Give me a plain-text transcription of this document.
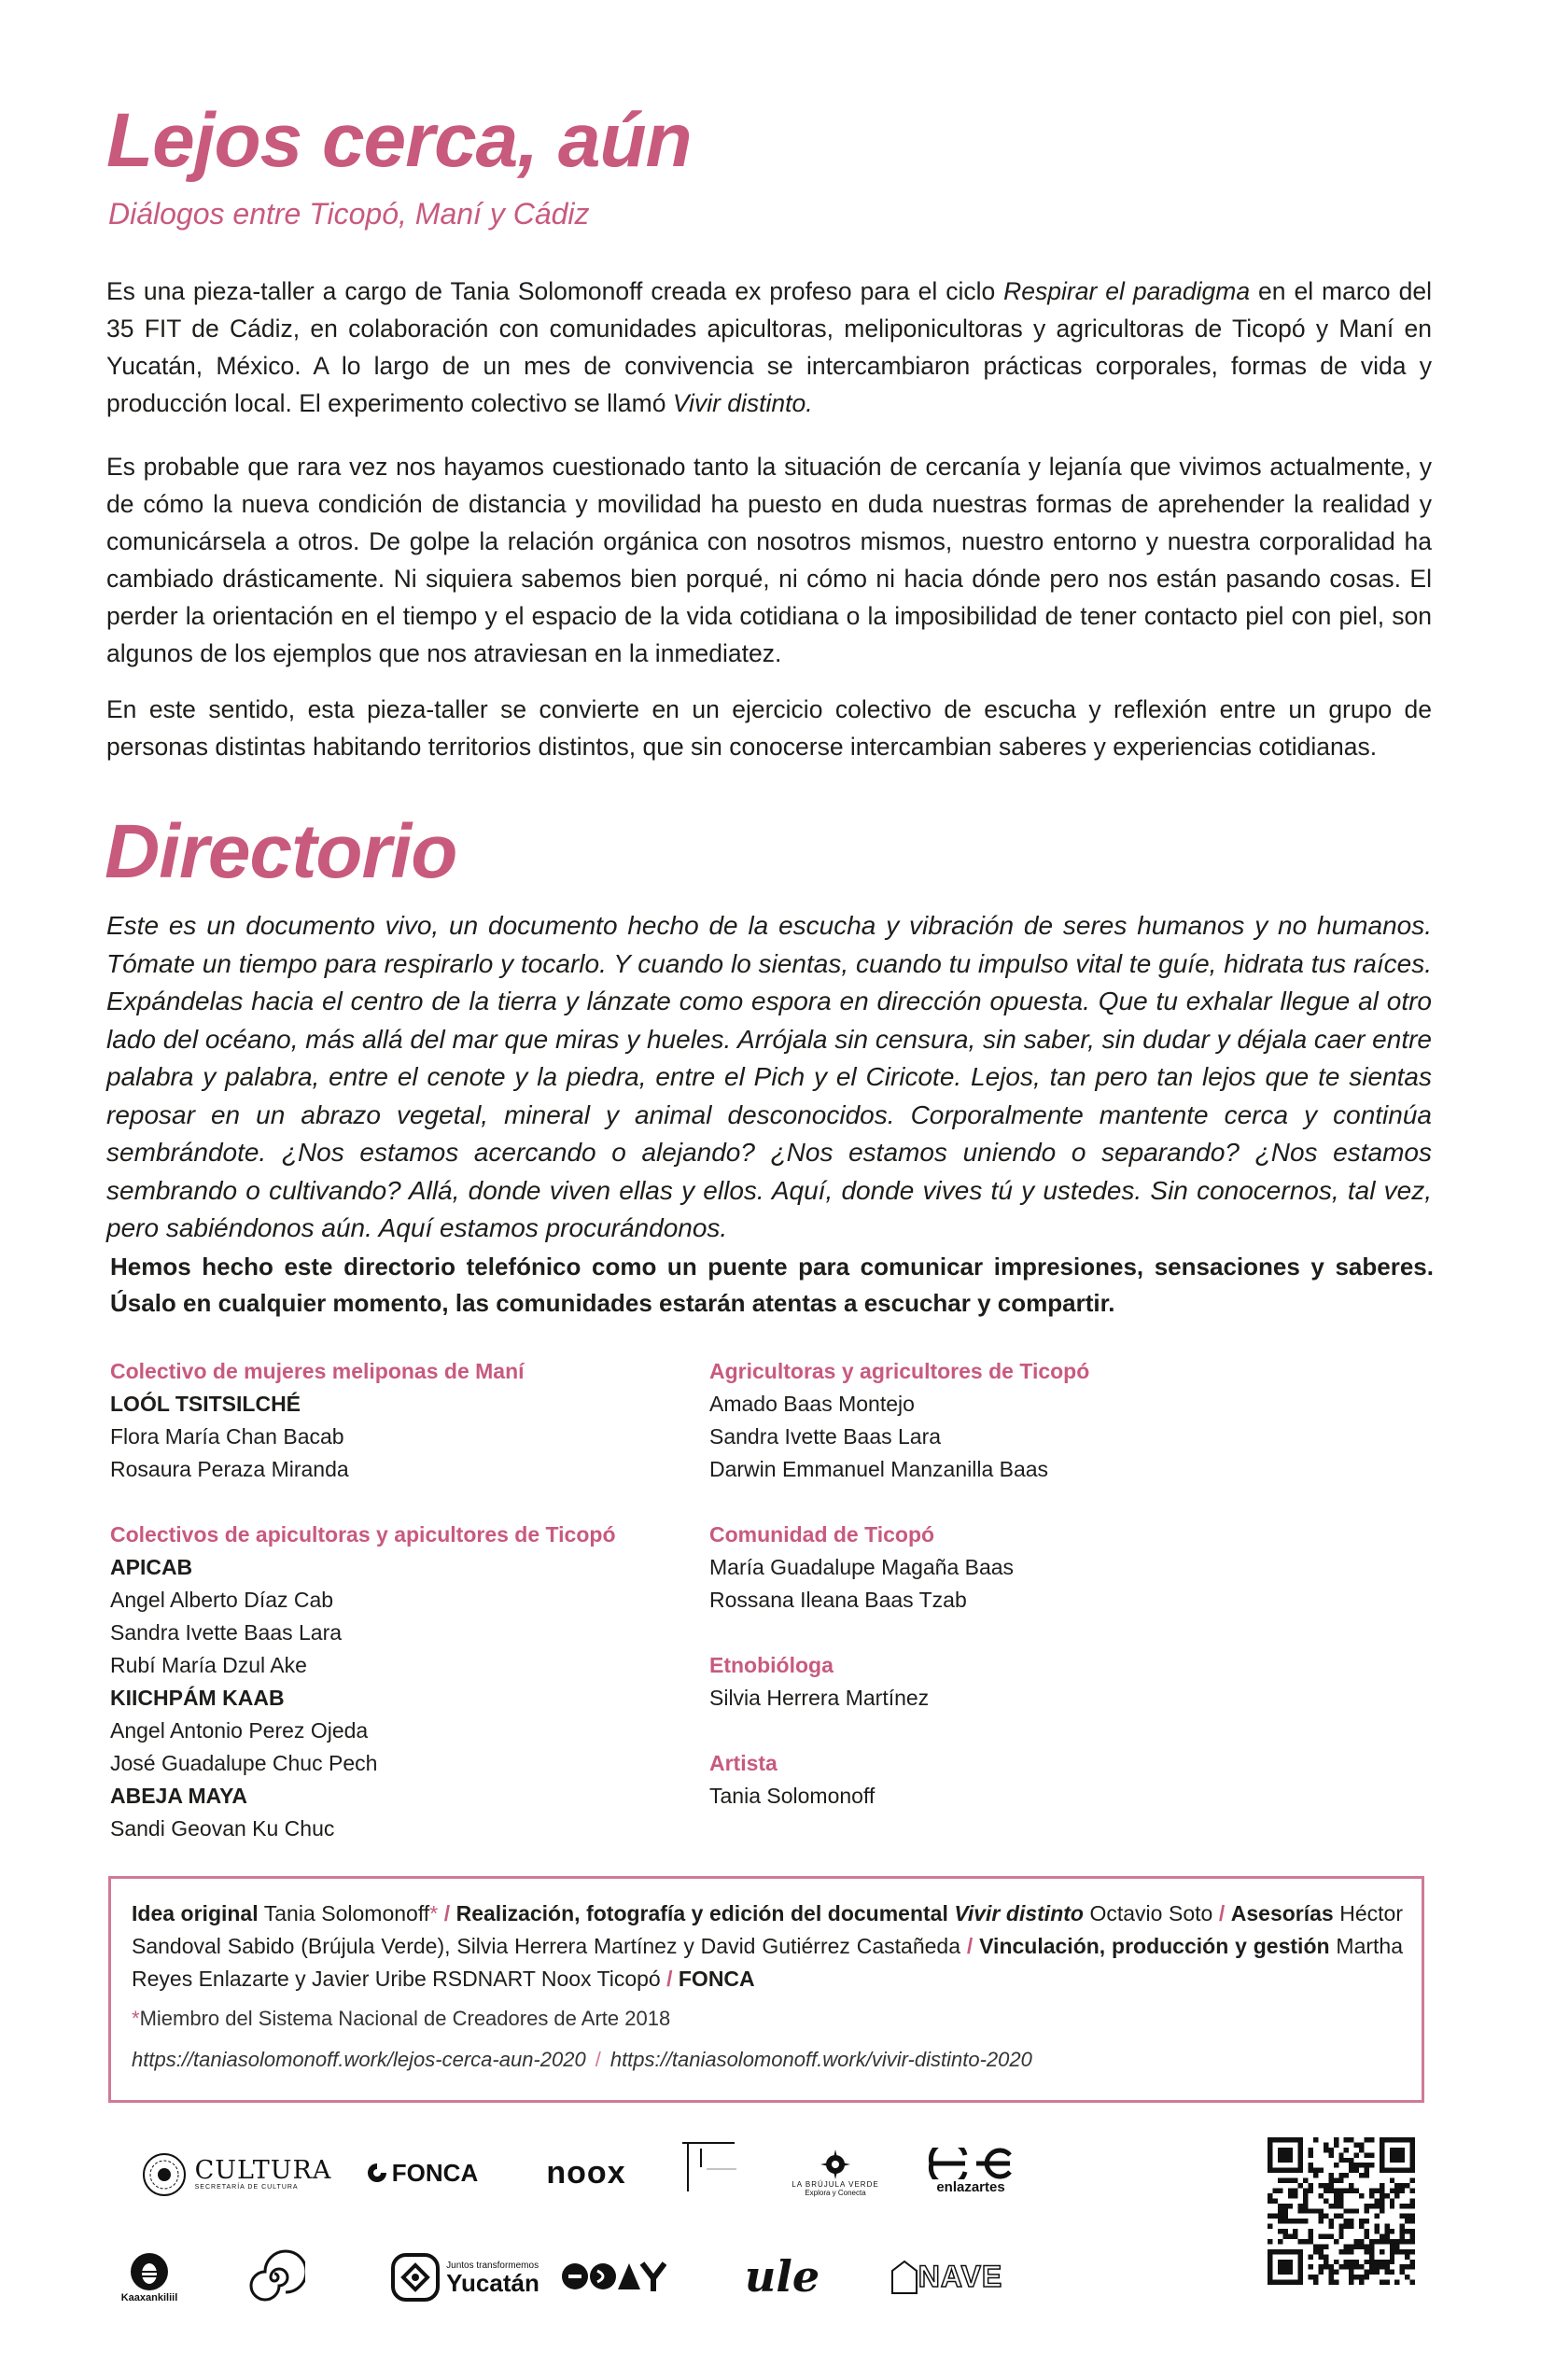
Lejos cerca, aún

Diálogos entre Ticopó, Maní y Cádiz

Es una pieza-taller a cargo de Tania Solomonoff creada ex profeso para el ciclo Respirar el paradigma en el marco del 35 FIT de Cádiz, en colaboración con comunidades apicultoras, meliponicultoras y agricultoras de Ticopó y Maní en Yucatán, México. A lo largo de un mes de convivencia se intercambiaron prácticas corporales, formas de vida y producción local. El experimento colectivo se llamó Vivir distinto.

Es probable que rara vez nos hayamos cuestionado tanto la situación de cercanía y lejanía que vivimos actualmente, y de cómo la nueva condición de distancia y movilidad ha puesto en duda nuestras formas de aprehender la realidad y comunicársela a otros. De golpe la relación orgánica con nosotros mismos, nuestro entorno y nuestra corporalidad ha cambiado drásticamente. Ni siquiera sabemos bien porqué, ni cómo ni hacia dónde pero nos están pasando cosas. El perder la orientación en el tiempo y el espacio de la vida cotidiana o la imposibilidad de tener contacto piel con piel, son algunos de los ejemplos que nos atraviesan en la inmediatez.

En este sentido, esta pieza-taller se convierte en un ejercicio colectivo de escucha y reflexión entre un grupo de personas distintas habitando territorios distintos, que sin conocerse intercambian saberes y experiencias cotidianas.

Directorio

Este es un documento vivo, un documento hecho de la escucha y vibración de seres humanos y no humanos. Tómate un tiempo para respirarlo y tocarlo. Y cuando lo sientas, cuando tu impulso vital te guíe, hidrata tus raíces. Expándelas hacia el centro de la tierra y lánzate como espora en dirección opuesta. Que tu exhalar llegue al otro lado del océano, más allá del mar que miras y hueles. Arrójala sin censura, sin saber, sin dudar y déjala caer entre palabra y palabra, entre el cenote y la piedra, entre el Pich y el Ciricote. Lejos, tan pero tan lejos que te sientas reposar en un abrazo vegetal, mineral y animal desconocidos. Corporalmente mantente cerca y continúa sembrándote. ¿Nos estamos acercando o alejando? ¿Nos estamos uniendo o separando? ¿Nos estamos sembrando o cultivando? Allá, donde viven ellas y ellos. Aquí, donde vives tú y ustedes. Sin conocernos, tal vez, pero sabiéndonos aún. Aquí estamos procurándonos.

Hemos hecho este directorio telefónico como un puente para comunicar impresiones, sensaciones y saberes. Úsalo en cualquier momento, las comunidades estarán atentas a escuchar y compartir.

Colectivo de mujeres meliponas de Maní
LOÓL TSITSILCHÉ
Flora María Chan Bacab
Rosaura Peraza Miranda
Colectivos de apicultoras y apicultores de Ticopó
APICAB
Angel Alberto Díaz Cab
Sandra Ivette Baas Lara
Rubí María Dzul Ake
KIICHPÁM KAAB
Angel Antonio Perez Ojeda
José Guadalupe Chuc Pech
ABEJA MAYA
Sandi Geovan Ku Chuc
Agricultoras y agricultores de Ticopó
Amado Baas Montejo
Sandra Ivette Baas Lara
Darwin Emmanuel Manzanilla Baas
Comunidad de Ticopó
María Guadalupe Magaña Baas
Rossana Ileana Baas Tzab
Etnobióloga
Silvia Herrera Martínez
Artista
Tania Solomonoff

Idea original Tania Solomonoff* / Realización, fotografía y edición del documental Vivir distinto Octavio Soto / Asesorías Héctor Sandoval Sabido (Brújula Verde), Silvia Herrera Martínez y David Gutiérrez Castañeda / Vinculación, producción y gestión Martha Reyes Enlazarte y Javier Uribe RSDNART Noox Ticopó / FONCA

*Miembro del Sistema Nacional de Creadores de Arte 2018
https://taniasolomonoff.work/lejos-cerca-aun-2020 / https://taniasolomonoff.work/vivir-distinto-2020
CULTURA
SECRETARÍA DE CULTURA
FONCA noox	LA BRÚJULA VERDE
Explora y Conecta	enlazartes
Kaaxankiliil
Juntos transformemos
Yucatán	ule	NAVE
